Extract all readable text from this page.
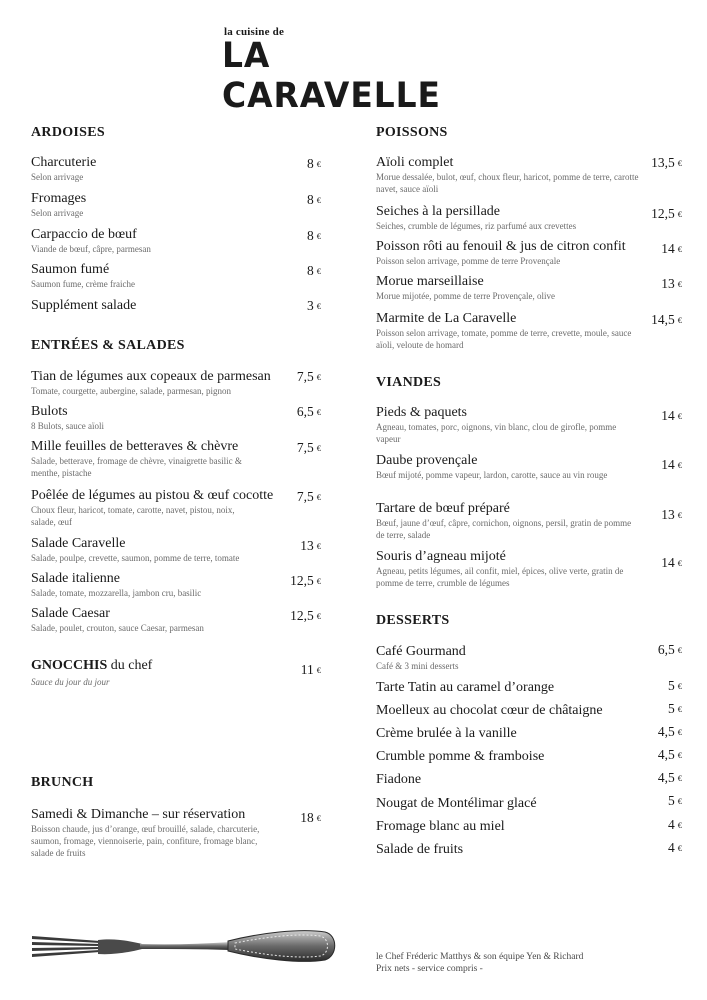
la cuisine de
LA CARAVELLE
ARDOISES
Charcuterie
Selon arrivage
8 €
Fromages
Selon arrivage
8 €
Carpaccio de bœuf
Viande de bœuf, câpre, parmesan
8 €
Saumon fumé
Saumon fume, crème fraiche
8 €
Supplément salade	3 €
ENTRÉES & SALADES
Tian de légumes aux copeaux de parmesan
Tomate, courgette, aubergine, salade, parmesan, pignon
7,5 €
Bulots
8 Bulots, sauce aïoli
6,5 €
Mille feuilles de betteraves & chèvre
Salade, betterave, fromage de chèvre, vinaigrette basilic & menthe, pistache
7,5 €
Poêlée de légumes au pistou & œuf cocotte
Choux fleur, haricot, tomate, carotte, navet, pistou, noix, salade, œuf
7,5 €
Salade Caravelle
Salade, poulpe, crevette, saumon, pomme de terre, tomate
13 €
Salade italienne
Salade, tomate, mozzarella, jambon cru, basilic
12,5 €
Salade Caesar
Salade, poulet, crouton, sauce Caesar, parmesan
12,5 €
GNOCCHIS du chef
Sauce du jour du jour
11 €
BRUNCH
Samedi & Dimanche – sur réservation
Boisson chaude, jus d’orange, œuf brouillé, salade, charcuterie, saumon, fromage, viennoiserie, pain, confiture, fromage blanc, salade de fruits
18 €
POISSONS
Aïoli complet
Morue dessalée, bulot, œuf, choux fleur, haricot, pomme de terre, carotte navet, sauce aïoli
13,5 €
Seiches à la persillade
Seiches, crumble de légumes, riz parfumé aux crevettes
12,5 €
Poisson rôti au fenouil & jus de citron confit
Poisson selon arrivage, pomme de terre Provençale
14 €
Morue marseillaise
Morue mijotée, pomme de terre Provençale, olive
13 €
Marmite de La Caravelle
Poisson selon arrivage, tomate, pomme de terre, crevette, moule, sauce aïoli, veloute de homard
14,5 €
VIANDES
Pieds & paquets
Agneau, tomates, porc, oignons, vin blanc, clou de girofle, pomme vapeur
14 €
Daube provençale
Bœuf mijoté, pomme vapeur, lardon, carotte, sauce au vin rouge
14 €
Tartare de bœuf préparé
Bœuf, jaune d’œuf, câpre, cornichon, oignons, persil, gratin de pomme de terre, salade
13 €
Souris d’agneau mijoté
Agneau, petits légumes, ail confit, miel, épices, olive verte, gratin de pomme de terre, crumble de légumes
14 €
DESSERTS
Café Gourmand
Café & 3 mini desserts
6,5 €
Tarte Tatin au caramel d’orange	5 €
Moelleux au chocolat cœur de châtaigne	5 €
Crème brulée à la vanille	4,5 €
Crumble pomme & framboise	4,5 €
Fiadone	4,5 €
Nougat de Montélimar glacé	5 €
Fromage blanc au miel	4 €
Salade de fruits	4 €
le Chef Fréderic Matthys & son équipe Yen & Richard
Prix nets - service compris -
